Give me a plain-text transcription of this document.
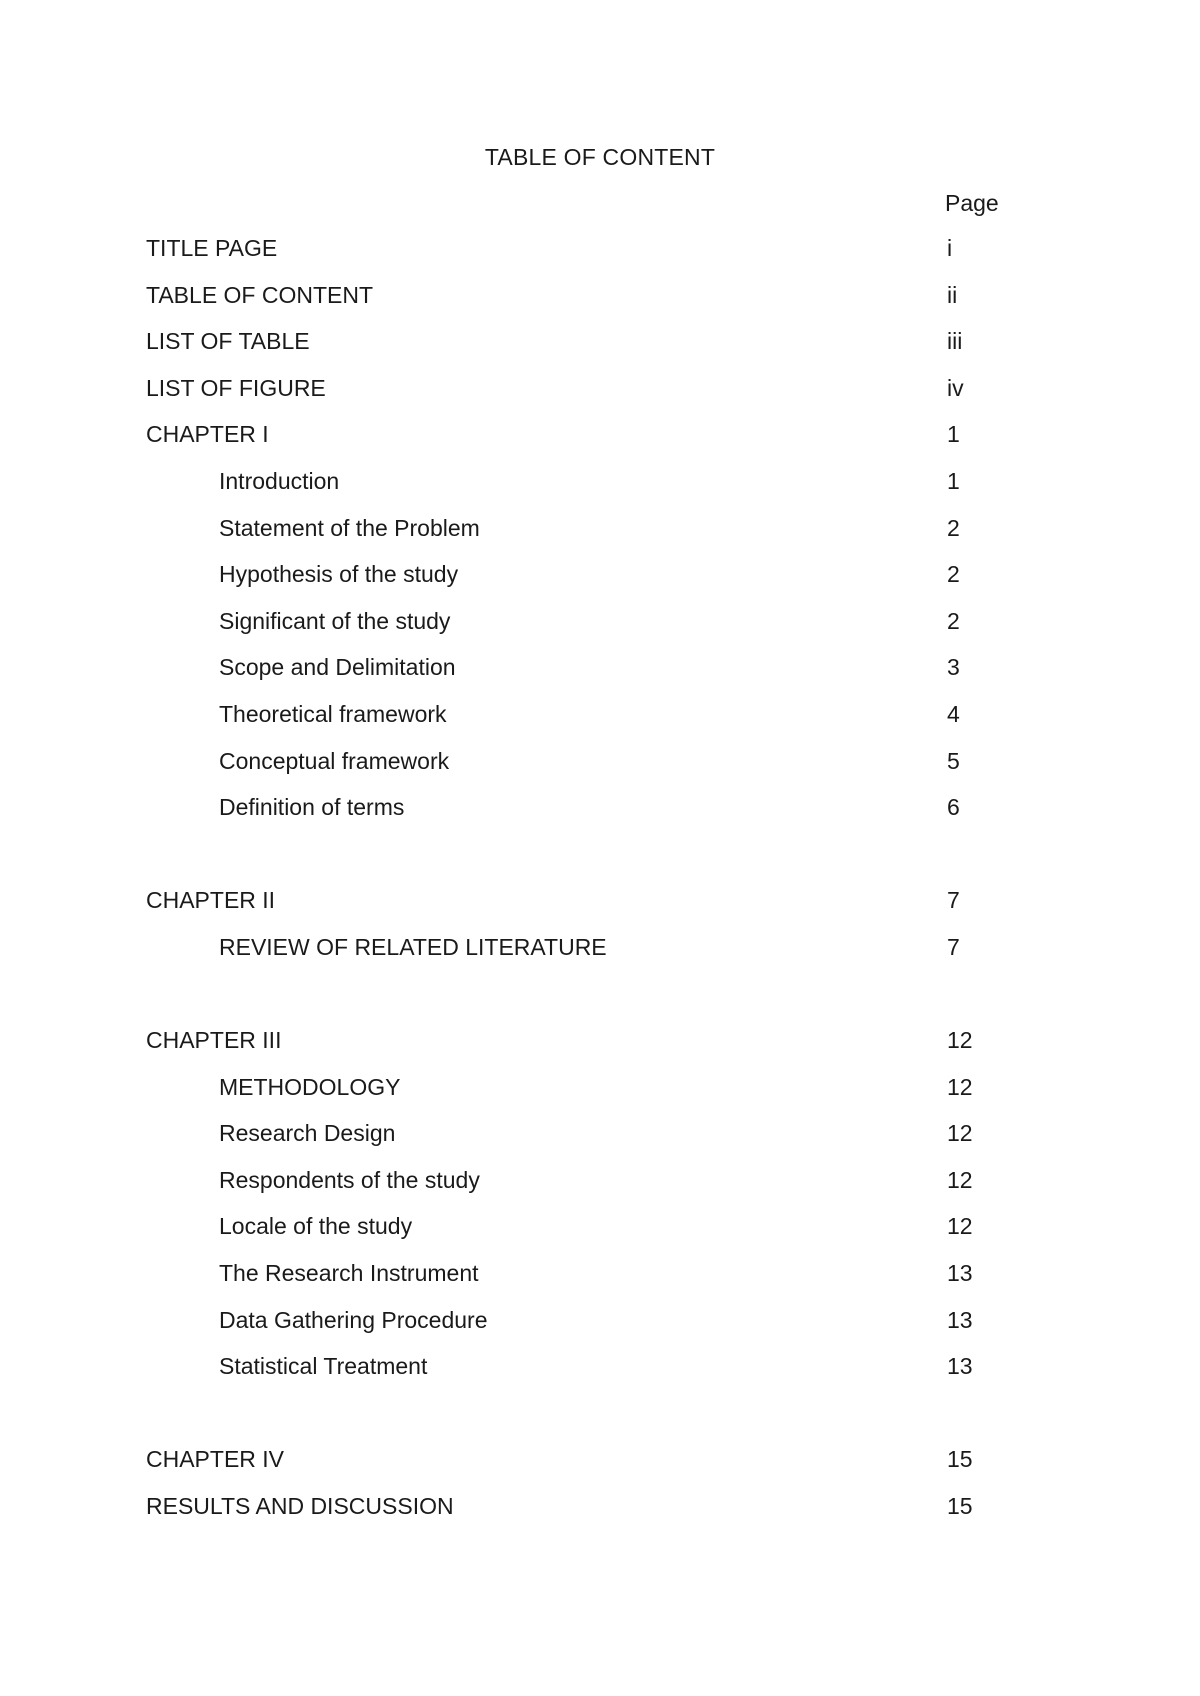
TABLE OF CONTENT
Page
TITLE PAGE	i
TABLE OF CONTENT	ii
LIST OF TABLE	iii
LIST OF FIGURE	iv
CHAPTER I	1
Introduction	1
Statement of the Problem	2
Hypothesis of the study	2
Significant of the study	2
Scope and Delimitation	3
Theoretical framework	4
Conceptual framework	5
Definition of terms	6
CHAPTER II	7
REVIEW OF RELATED LITERATURE	7
CHAPTER III	12
METHODOLOGY	12
Research Design	12
Respondents of the study	12
Locale of the study	12
The Research Instrument	13
Data Gathering Procedure	13
Statistical Treatment	13
CHAPTER IV	15
RESULTS AND DISCUSSION	15
